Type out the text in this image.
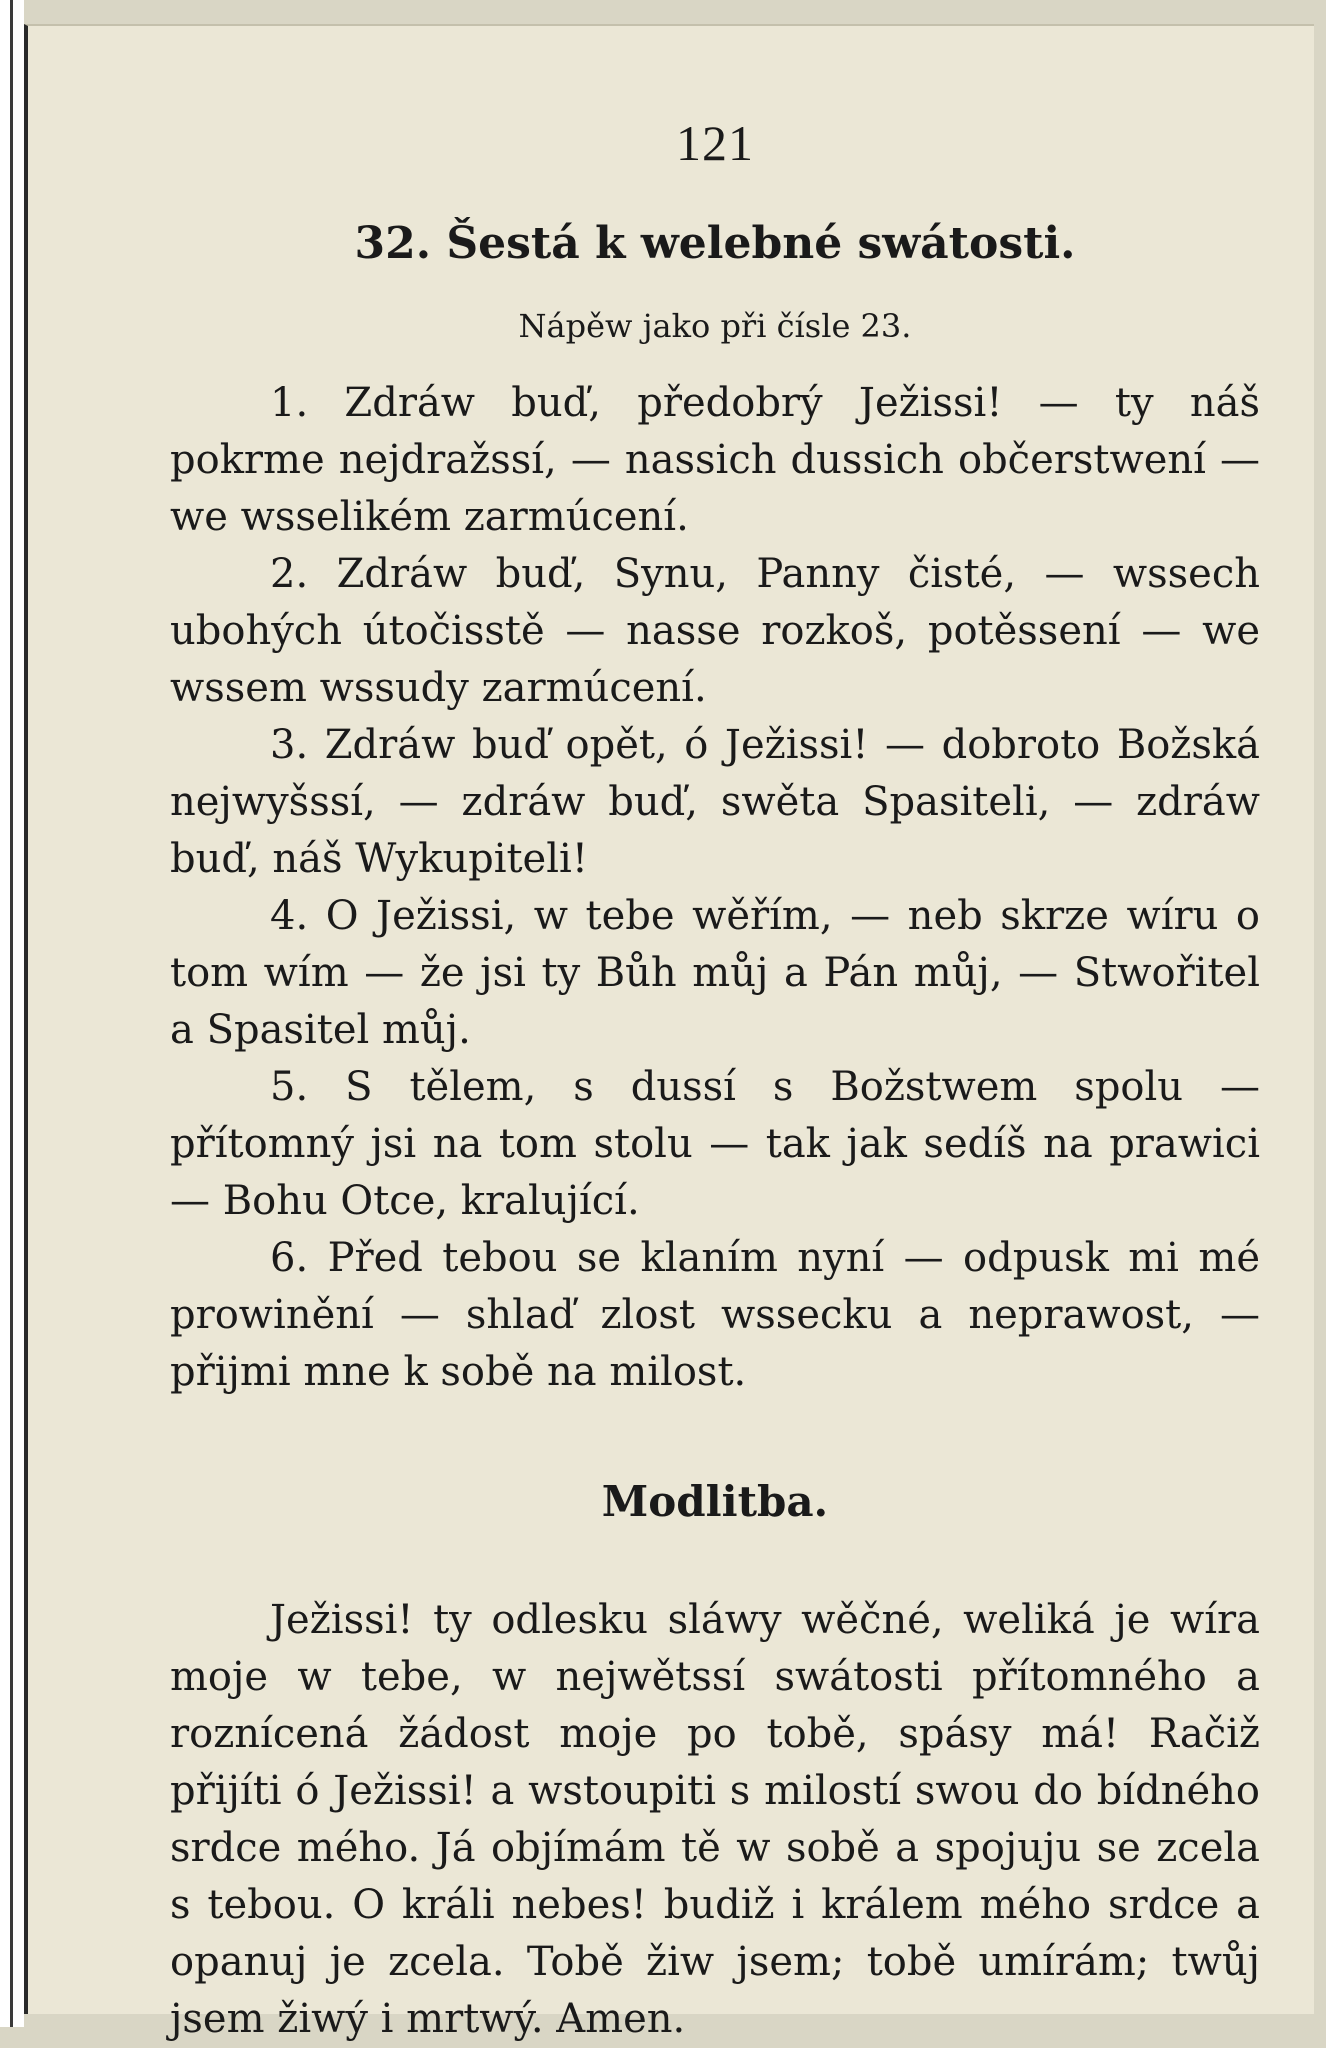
121
32. Šestá k welebné swátosti.
Nápěw jako při čísle 23.

1. Zdráw buď, předobrý Ježissi! — ty náš pokrme nejdražssí, — nassich dussich občerstwení — we wsselikém zarmúcení.

2. Zdráw buď, Synu, Panny čisté, — wssech ubohých útočisstě — nasse rozkoš, potěssení — we wssem wssudy zarmúcení.

3. Zdráw buď opět, ó Ježissi! — dobroto Božská nejwyšssí, — zdráw buď, swěta Spasiteli, — zdráw buď, náš Wykupiteli!

4. O Ježissi, w tebe wěřím, — neb skrze wíru o tom wím — že jsi ty Bůh můj a Pán můj, — Stwořitel a Spasitel můj.

5. S tělem, s dussí s Božstwem spolu — přítomný jsi na tom stolu — tak jak sedíš na prawici — Bohu Otce, kralující.

6. Před tebou se klaním nyní — odpusk mi mé prowinění — shlaď zlost wssecku a neprawost, — přijmi mne k sobě na milost.

Modlitba.

Ježissi! ty odlesku sláwy wěčné, weliká je wíra moje w tebe, w nejwětssí swátosti přítomného a roznícená žádost moje po tobě, spásy má! Račiž přijíti ó Ježissi! a wstoupiti s milostí swou do bídného srdce mého. Já objímám tě w sobě a spojuju se zcela s tebou. O králi nebes! budiž i králem mého srdce a opanuj je zcela. Tobě žiw jsem; tobě umírám; twůj jsem žiwý i mrtwý. Amen.
